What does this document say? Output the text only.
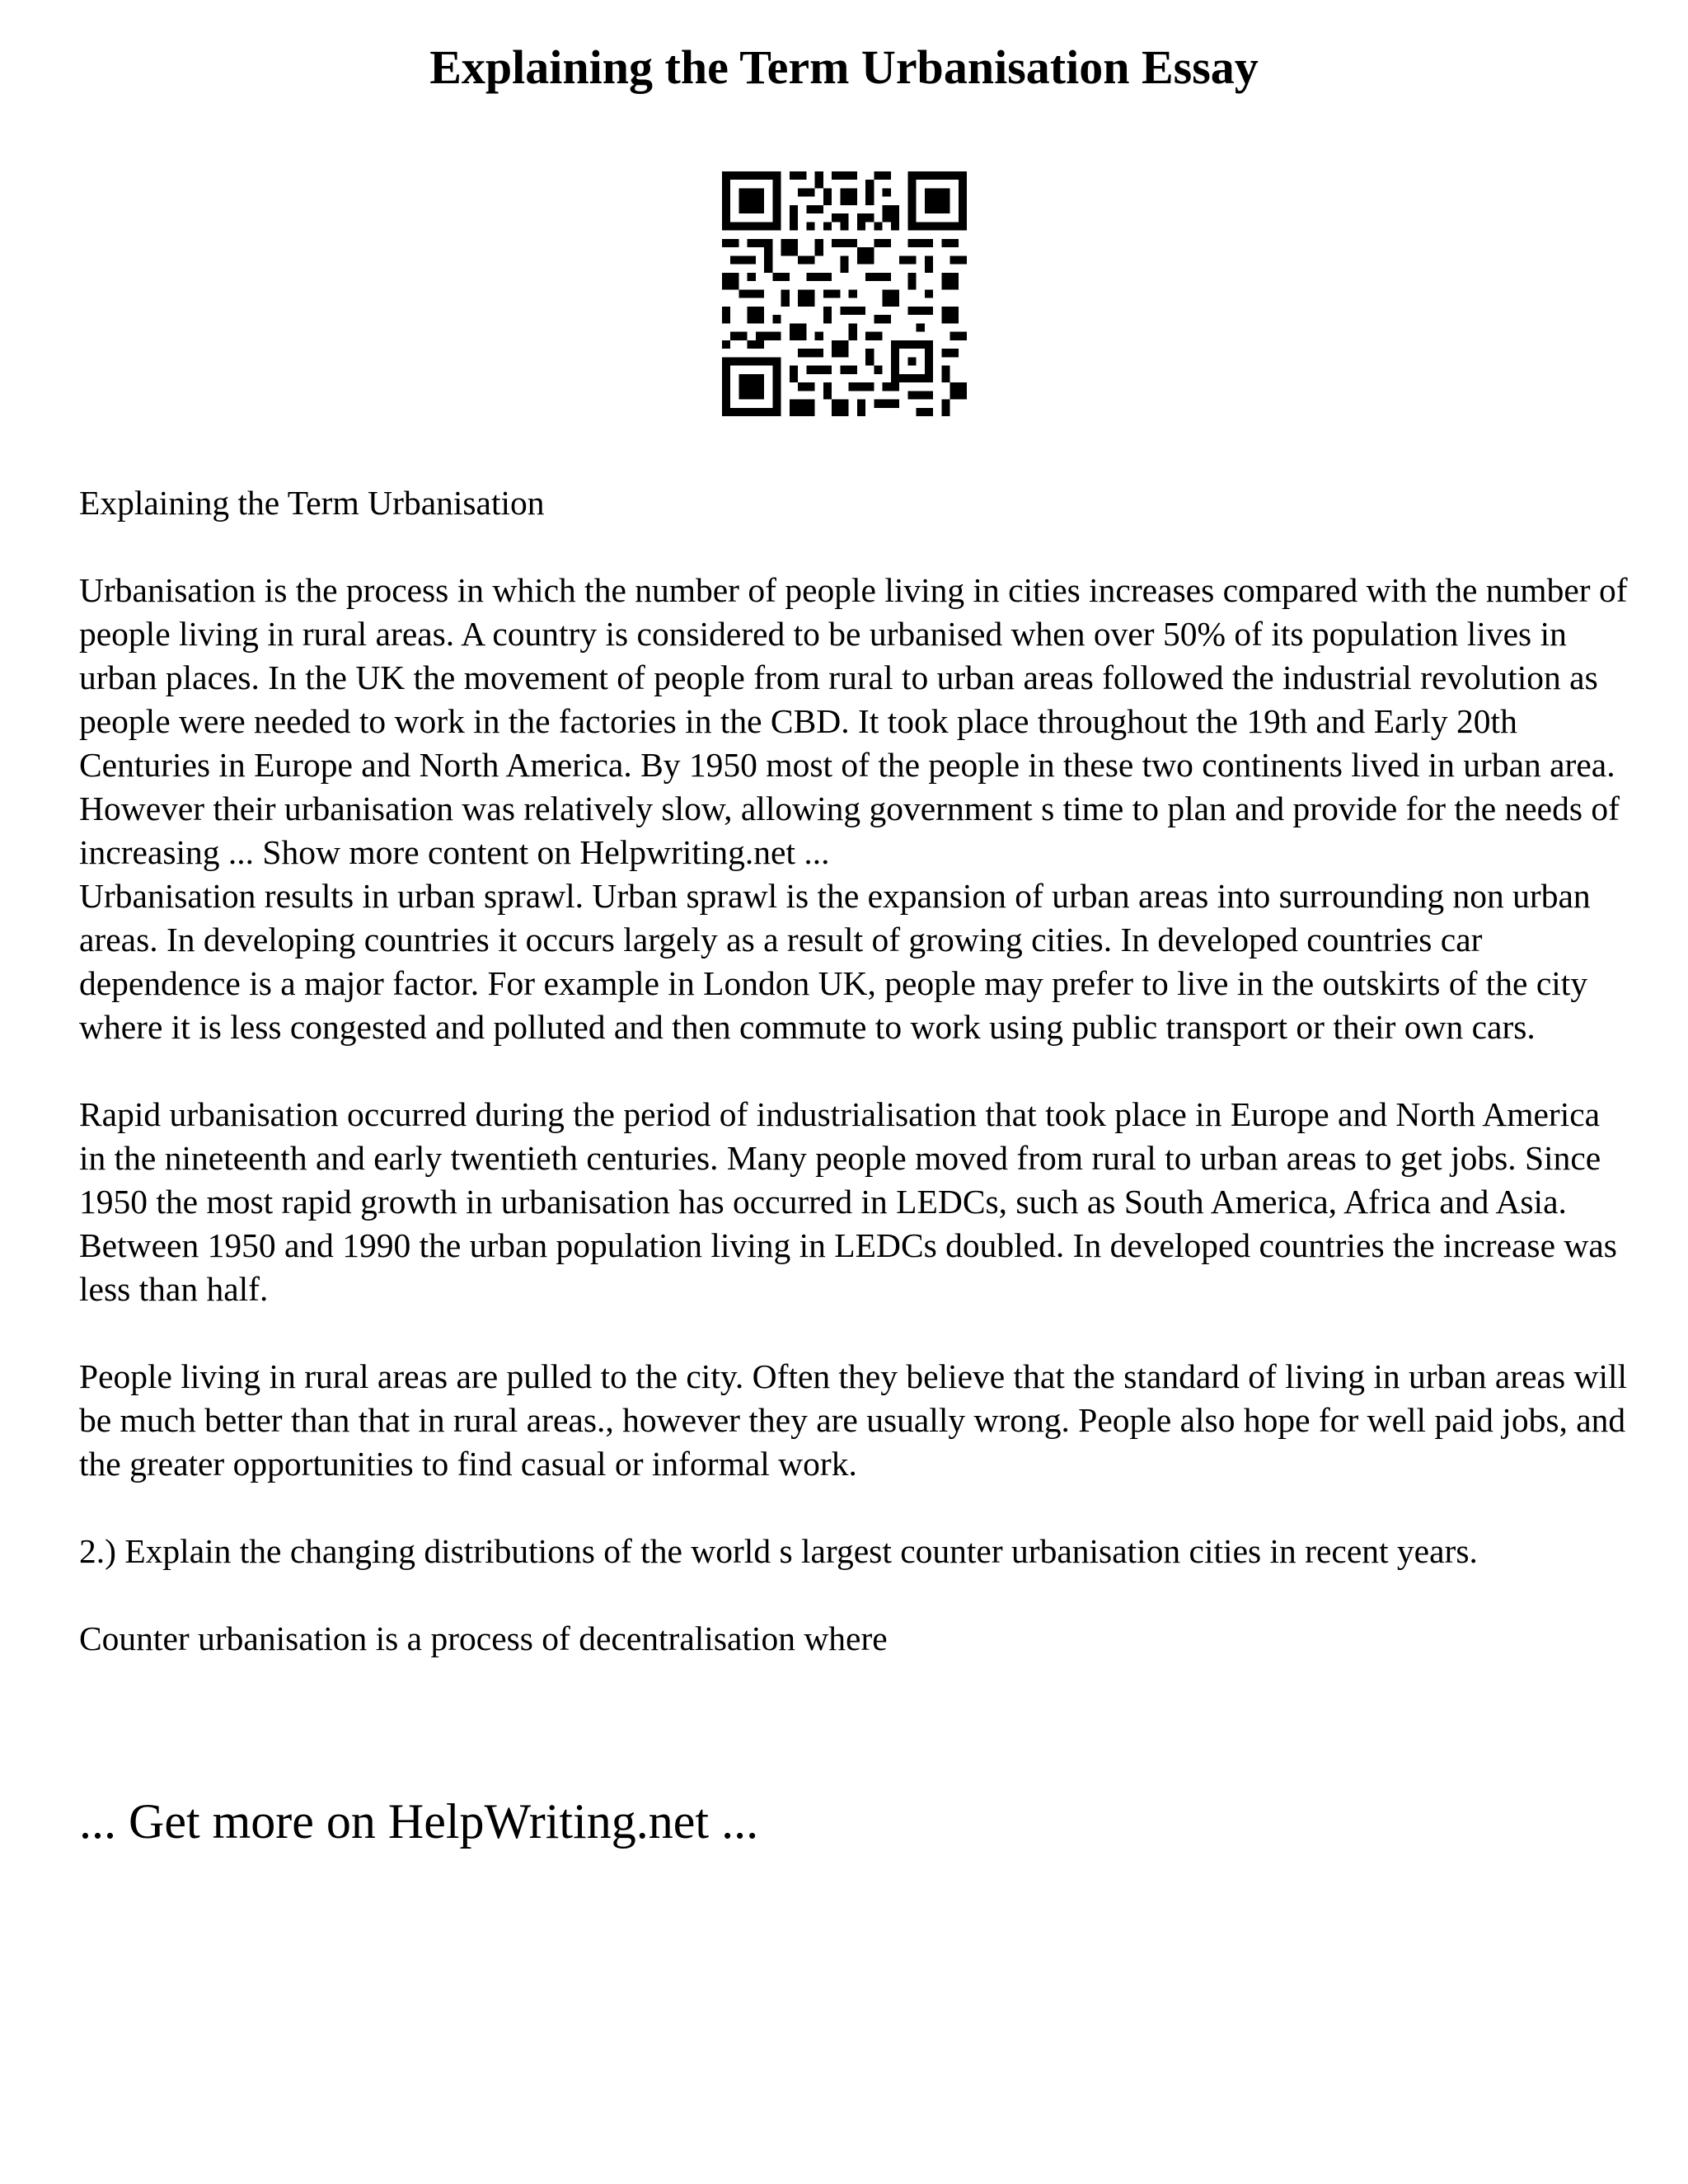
Explaining the Term Urbanisation Essay

Explaining the Term Urbanisation

Urbanisation is the process in which the number of people living in cities increases compared with the number of people living in rural areas. A country is considered to be urbanised when over 50% of its population lives in urban places. In the UK the movement of people from rural to urban areas followed the industrial revolution as people were needed to work in the factories in the CBD. It took place throughout the 19th and Early 20th Centuries in Europe and North America. By 1950 most of the people in these two continents lived in urban area. However their urbanisation was relatively slow, allowing government s time to plan and provide for the needs of increasing ... Show more content on Helpwriting.net ...

Urbanisation results in urban sprawl. Urban sprawl is the expansion of urban areas into surrounding non urban areas. In developing countries it occurs largely as a result of growing cities. In developed countries car dependence is a major factor. For example in London UK, people may prefer to live in the outskirts of the city where it is less congested and polluted and then commute to work using public transport or their own cars.

Rapid urbanisation occurred during the period of industrialisation that took place in Europe and North America in the nineteenth and early twentieth centuries. Many people moved from rural to urban areas to get jobs. Since 1950 the most rapid growth in urbanisation has occurred in LEDCs, such as South America, Africa and Asia. Between 1950 and 1990 the urban population living in LEDCs doubled. In developed countries the increase was less than half.

People living in rural areas are pulled to the city. Often they believe that the standard of living in urban areas will be much better than that in rural areas., however they are usually wrong. People also hope for well paid jobs, and the greater opportunities to find casual or informal work.

2.) Explain the changing distributions of the world s largest counter urbanisation cities in recent years.

Counter urbanisation is a process of decentralisation where

... Get more on HelpWriting.net ...
